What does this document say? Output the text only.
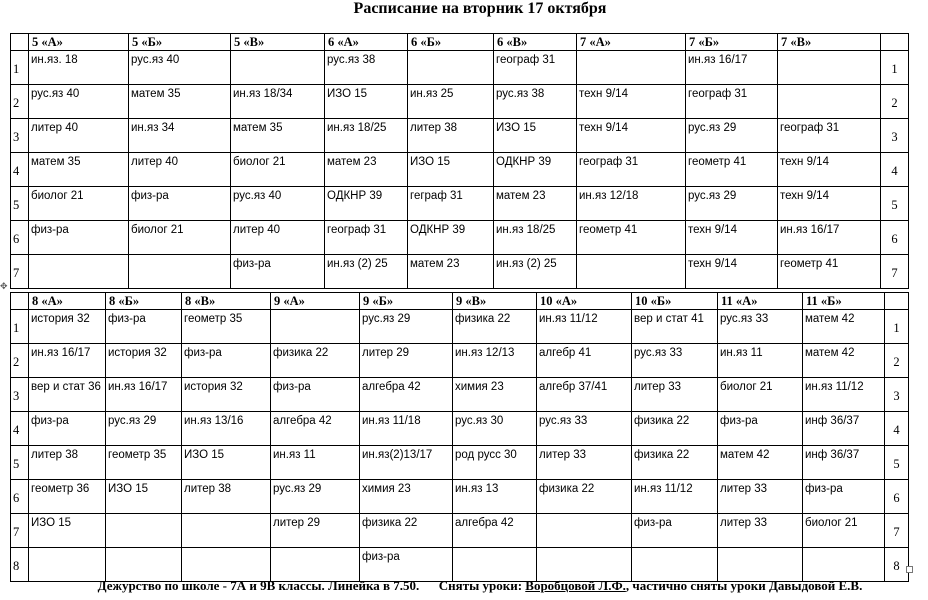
Расписание на вторник 17 октября
✥
	5 «А»	5 «Б»	5 «В»	6 «А»	6 «Б»	6 «В»	7 «А»	7 «Б»	7 «В»	
1	ин.яз. 18	рус.яз 40		рус.яз 38		географ 31		ин.яз 16/17		1
2	рус.яз 40	матем 35	ин.яз 18/34	ИЗО 15	ин.яз 25	рус.яз 38	техн 9/14	географ 31		2
3	литер 40	ин.яз 34	матем 35	ин.яз 18/25	литер 38	ИЗО 15	техн 9/14	рус.яз 29	географ 31	3
4	матем 35	литер 40	биолог 21	матем 23	ИЗО 15	ОДКНР 39	географ 31	геометр 41	техн 9/14	4
5	биолог 21	физ-ра	рус.яз 40	ОДКНР 39	геграф 31	матем 23	ин.яз 12/18	рус.яз 29	техн 9/14	5
6	физ-ра	биолог 21	литер 40	географ 31	ОДКНР 39	ин.яз 18/25	геометр 41	техн 9/14	ин.яз 16/17	6
7			физ-ра	ин.яз (2) 25	матем 23	ин.яз (2) 25		техн 9/14	геометр 41	7
	8 «А»	8 «Б»	8 «В»	9 «А»	9 «Б»	9 «В»	10 «А»	10 «Б»	11 «А»	11 «Б»	
1	история 32	физ-ра	геометр 35		рус.яз 29	физика 22	ин.яз 11/12	вер и стат 41	рус.яз 33	матем 42	1
2	ин.яз 16/17	история 32	физ-ра	физика 22	литер 29	ин.яз 12/13	алгебр 41	рус.яз 33	ин.яз 11	матем 42	2
3	вер и стат 36	ин.яз 16/17	история 32	физ-ра	алгебра 42	химия 23	алгебр 37/41	литер 33	биолог 21	ин.яз 11/12	3
4	физ-ра	рус.яз 29	ин.яз 13/16	алгебра 42	ин.яз 11/18	рус.яз 30	рус.яз 33	физика 22	физ-ра	инф 36/37	4
5	литер 38	геометр 35	ИЗО 15	ин.яз 11	ин.яз(2)13/17	род русс 30	литер 33	физика 22	матем 42	инф 36/37	5
6	геометр 36	ИЗО 15	литер 38	рус.яз 29	химия 23	ин.яз 13	физика 22	ин.яз 11/12	литер 33	физ-ра	6
7	ИЗО 15			литер 29	физика 22	алгебра 42		физ-ра	литер 33	биолог 21	7
8					физ-ра						8
Дежурство по школе - 7А и 9В классы. Линейка в 7.50. Сняты уроки: Воробцовой Л.Ф., частично сняты уроки Давыдовой Е.В.
